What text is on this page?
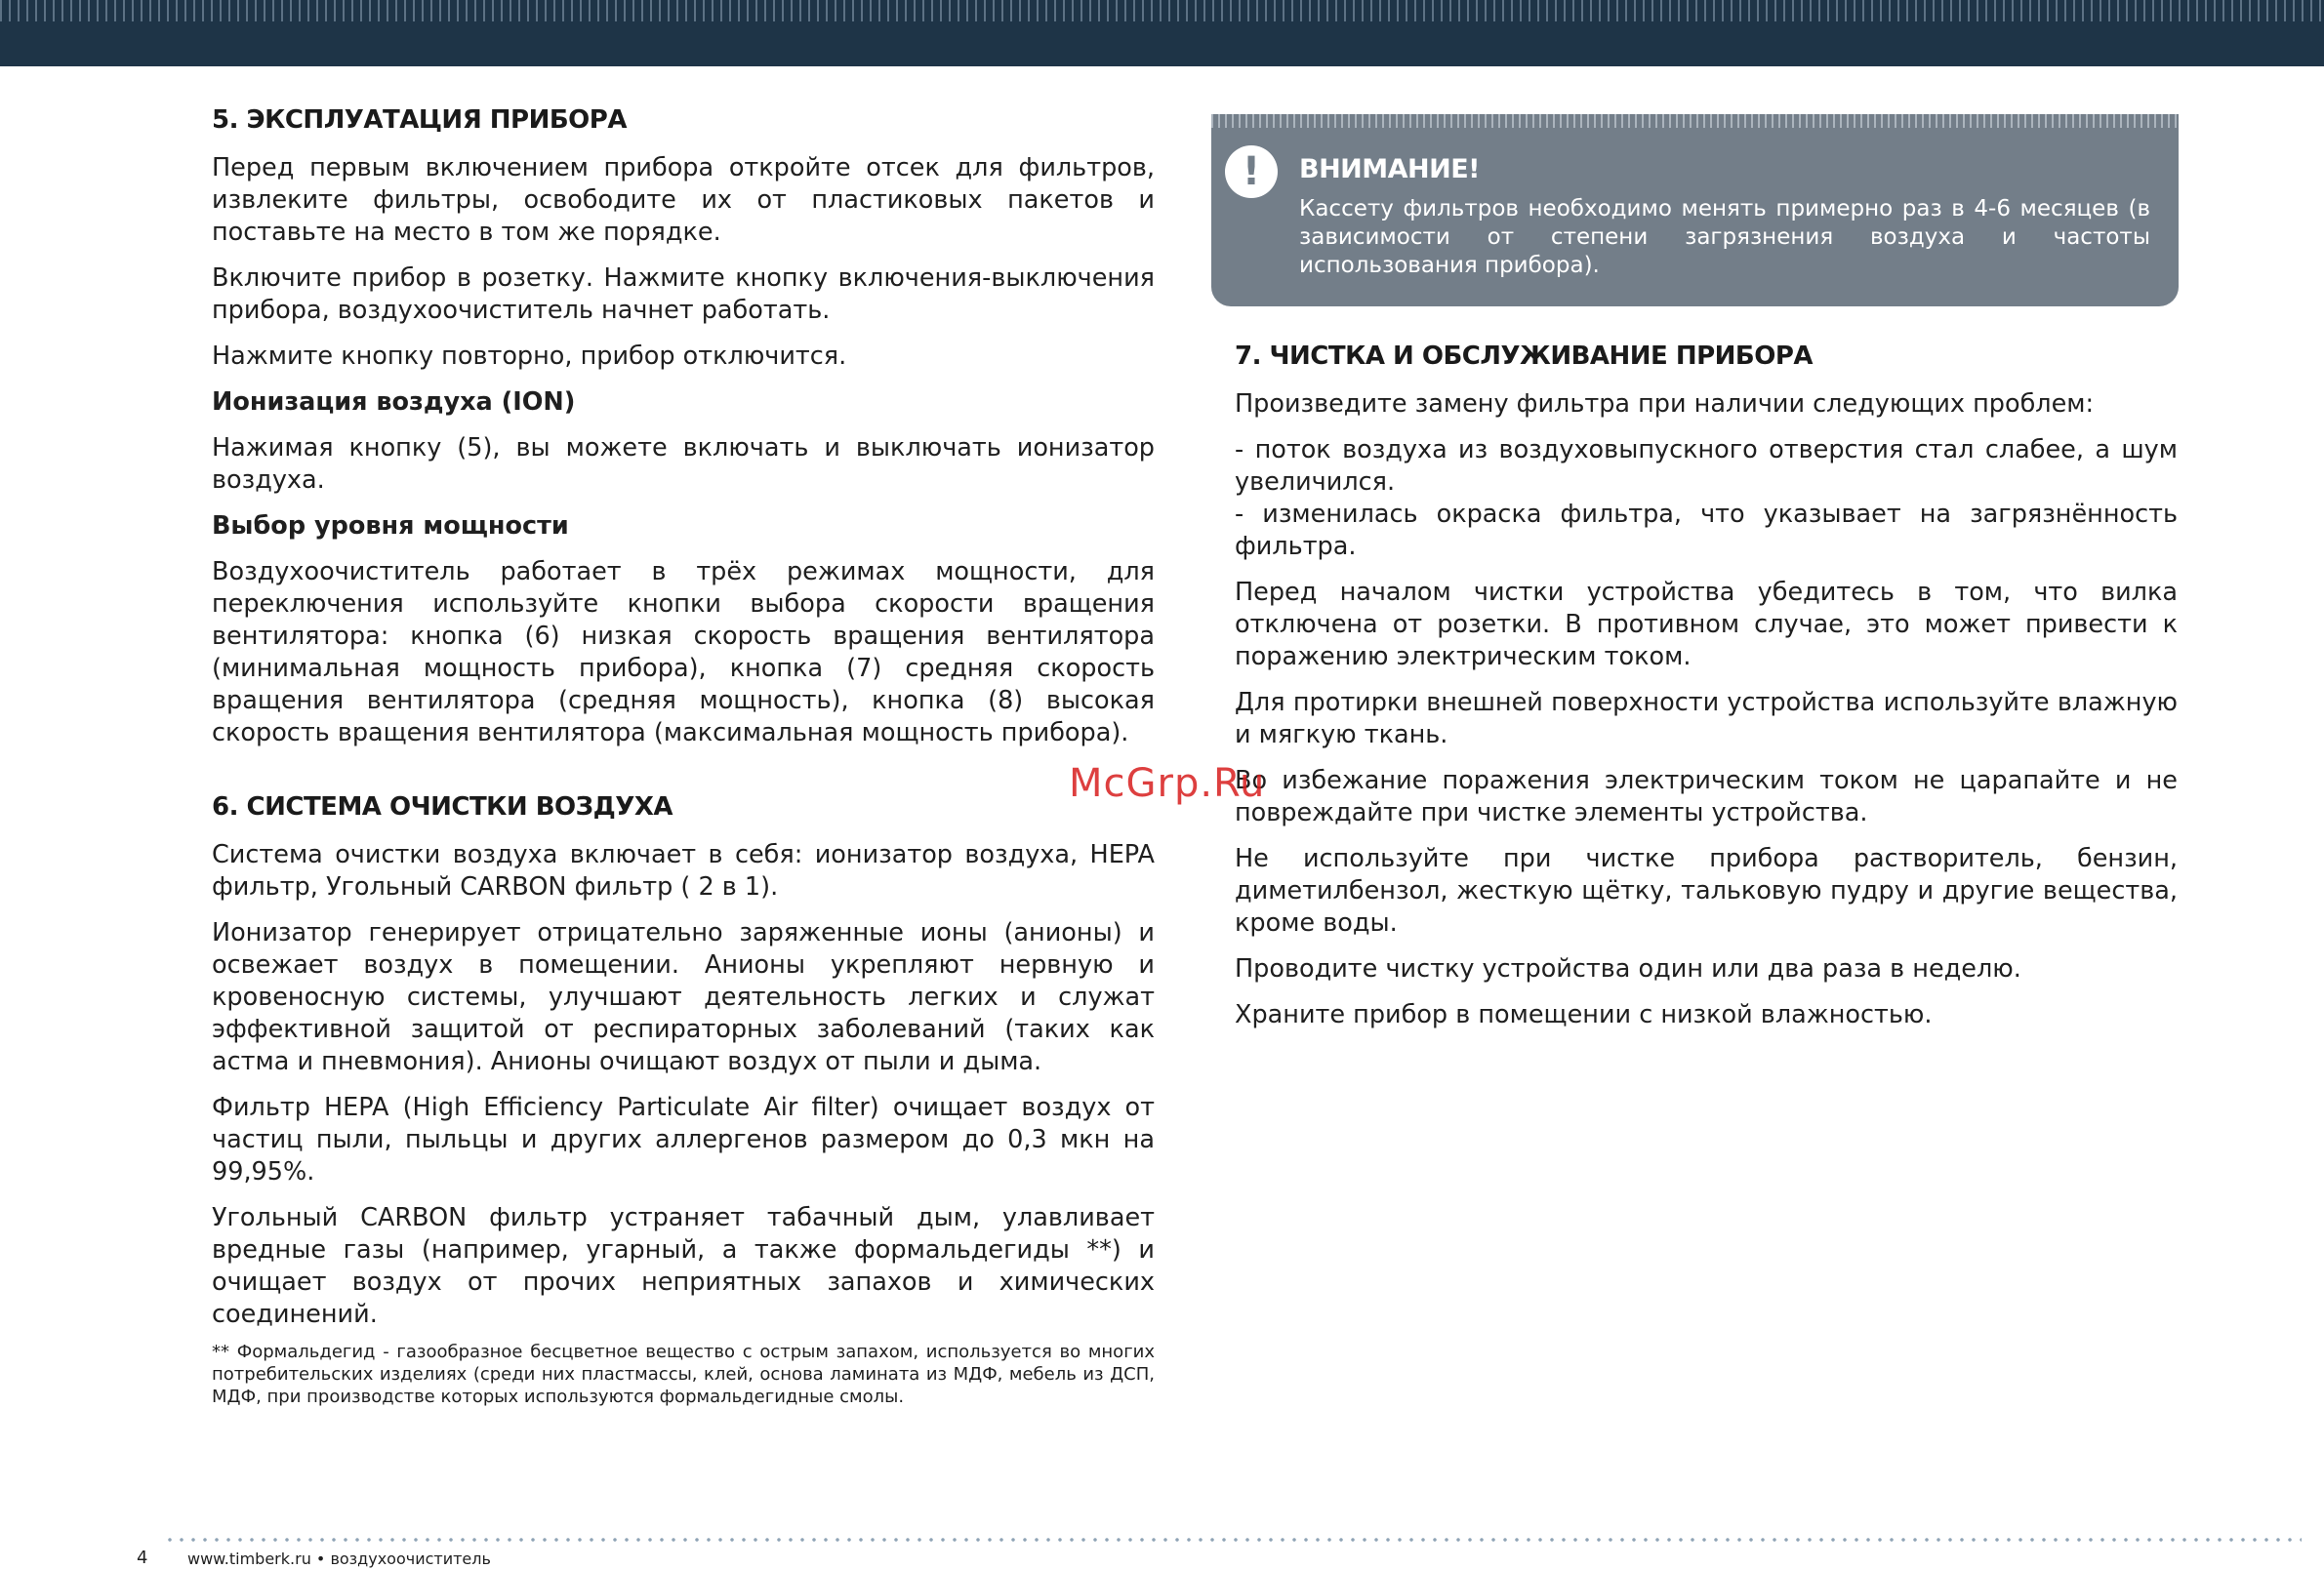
5. ЭКСПЛУАТАЦИЯ ПРИБОРА

Перед первым включением прибора откройте отсек для фильтров, извлеките фильтры, освободите их от пластиковых пакетов и поставьте на место в том же порядке.

Включите прибор в розетку. Нажмите кнопку включения-выключения прибора, воздухоочиститель начнет работать.

Нажмите кнопку повторно, прибор отключится.

Ионизация воздуха (ION)

Нажимая кнопку (5), вы можете включать и выключать ионизатор воздуха.

Выбор уровня мощности

Воздухоочиститель работает в трёх режимах мощности, для переключения используйте кнопки выбора скорости вращения вентилятора: кнопка (6) низкая скорость вращения вентилятора (минимальная мощность прибора), кнопка (7) средняя скорость вращения вентилятора (средняя мощность), кнопка (8) высокая скорость вращения вентилятора (максимальная мощность прибора).

6. СИСТЕМА ОЧИСТКИ ВОЗДУХА

Система очистки воздуха включает в себя: ионизатор воздуха, HEPA фильтр, Угольный CARBON фильтр ( 2 в 1).

Ионизатор генерирует отрицательно заряженные ионы (анионы) и освежает воздух в помещении. Анионы укрепляют нервную и кровеносную системы, улучшают деятельность легких и служат эффективной защитой от респираторных заболеваний (таких как астма и пневмония). Анионы очищают воздух от пыли и дыма.

Фильтр HEPA (High Efficiency Particulate Air filter) очищает воздух от частиц пыли, пыльцы и других аллергенов размером до 0,3 мкн на 99,95%.

Угольный CARBON фильтр устраняет табачный дым, улавливает вредные газы (например, угарный, а также формальдегиды **) и очищает воздух от прочих неприятных запахов и химических соединений.

** Формальдегид - газообразное бесцветное вещество с острым запахом, используется во многих потребительских изделиях (среди них пластмассы, клей, основа ламината из МДФ, мебель из ДСП, МДФ, при производстве которых используются формальдегидные смолы.
!	ВНИМАНИЕ!
Кассету фильтров необходимо менять примерно раз в 4-6 месяцев (в зависимости от степени загрязнения воздуха и частоты использования прибора).
7. ЧИСТКА И ОБСЛУЖИВАНИЕ ПРИБОРА

Произведите замену фильтра при наличии следующих проблем:

- поток воздуха из воздуховыпускного отверстия стал слабее, а шум увеличился.

- изменилась окраска фильтра, что указывает на загрязнённость фильтра.

Перед началом чистки устройства убедитесь в том, что вилка отключена от розетки. В противном случае, это может привести к поражению электрическим током.

Для протирки внешней поверхности устройства используйте влажную и мягкую ткань.

Во избежание поражения электрическим током не царапайте и не повреждайте при чистке элементы устройства.

Не используйте при чистке прибора растворитель, бензин, диметилбензол, жесткую щётку, тальковую пудру и другие вещества, кроме воды.

Проводите чистку устройства один или два раза в неделю.

Храните прибор в помещении с низкой влажностью.

McGrp.Ru
4	www.timberk.ru • воздухоочиститель
